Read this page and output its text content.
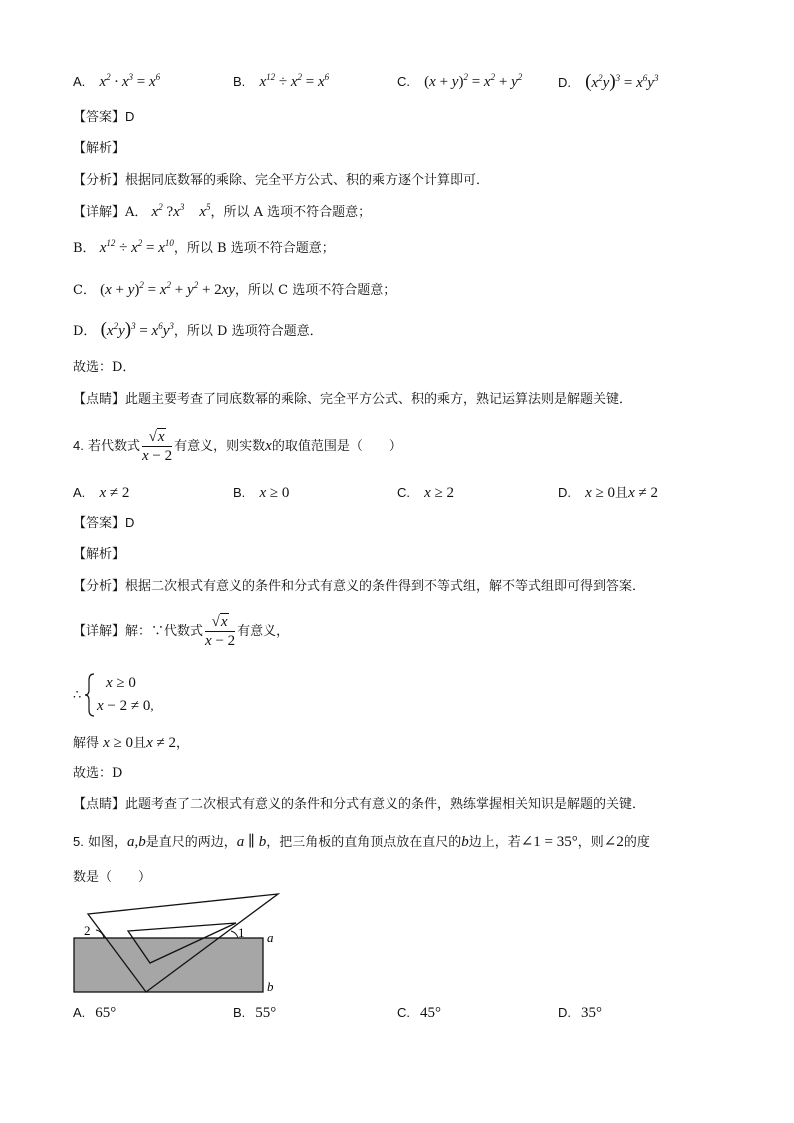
A. $x^2 \cdot x^3 = x^6$	B. $x^{12} \div x^2 = x^6$	C. $(x + y)^2 = x^2 + y^2$	D. $(x^2y)^3 = x^6y^3$
【答案】D
【解析】
【分析】根据同底数幂的乘除、完全平方公式、积的乘方逐个计算即可．
【详解】A． $x^2$ $?x^3$    $x^5$，所以 A 选项不符合题意；
B． $x^{12} \div x^2 = x^{10}$，所以 B 选项不符合题意；
C． $(x + y)^2 = x^2 + y^2 + 2xy$，所以 C 选项不符合题意；
D． $(x^2y)^3 = x^6y^3$，所以 D 选项符合题意．
故选：D．
【点睛】此题主要考查了同底数幂的乘除、完全平方公式、积的乘方，熟记运算法则是解题关键．
4. 若代数式 $\frac{√x}{x - 2}$ 有意义，则实数x的取值范围是（　　）
A. x ≠ 2	B. x ≥ 0	C. x ≥ 2	D. x ≥ 0且x ≠ 2
【答案】D
【解析】
【分析】根据二次根式有意义的条件和分式有意义的条件得到不等式组，解不等式组即可得到答案．
【详解】解：∵代数式 $\frac{√x}{x - 2}$ 有意义，
∴
x ≥ 0
x − 2 ≠ 0,
解得 x ≥ 0且x ≠ 2，
故选：D
【点睛】此题考查了二次根式有意义的条件和分式有意义的条件，熟练掌握相关知识是解题的关键．
5. 如图，a,b是直尺的两边，a ∥ b，把三角板的直角顶点放在直尺的b边上，若∠1 = 35°，则∠2的度
数是（　　）
1
2	a
b
A. 65°	B. 55°	C. 45°	D. 35°
